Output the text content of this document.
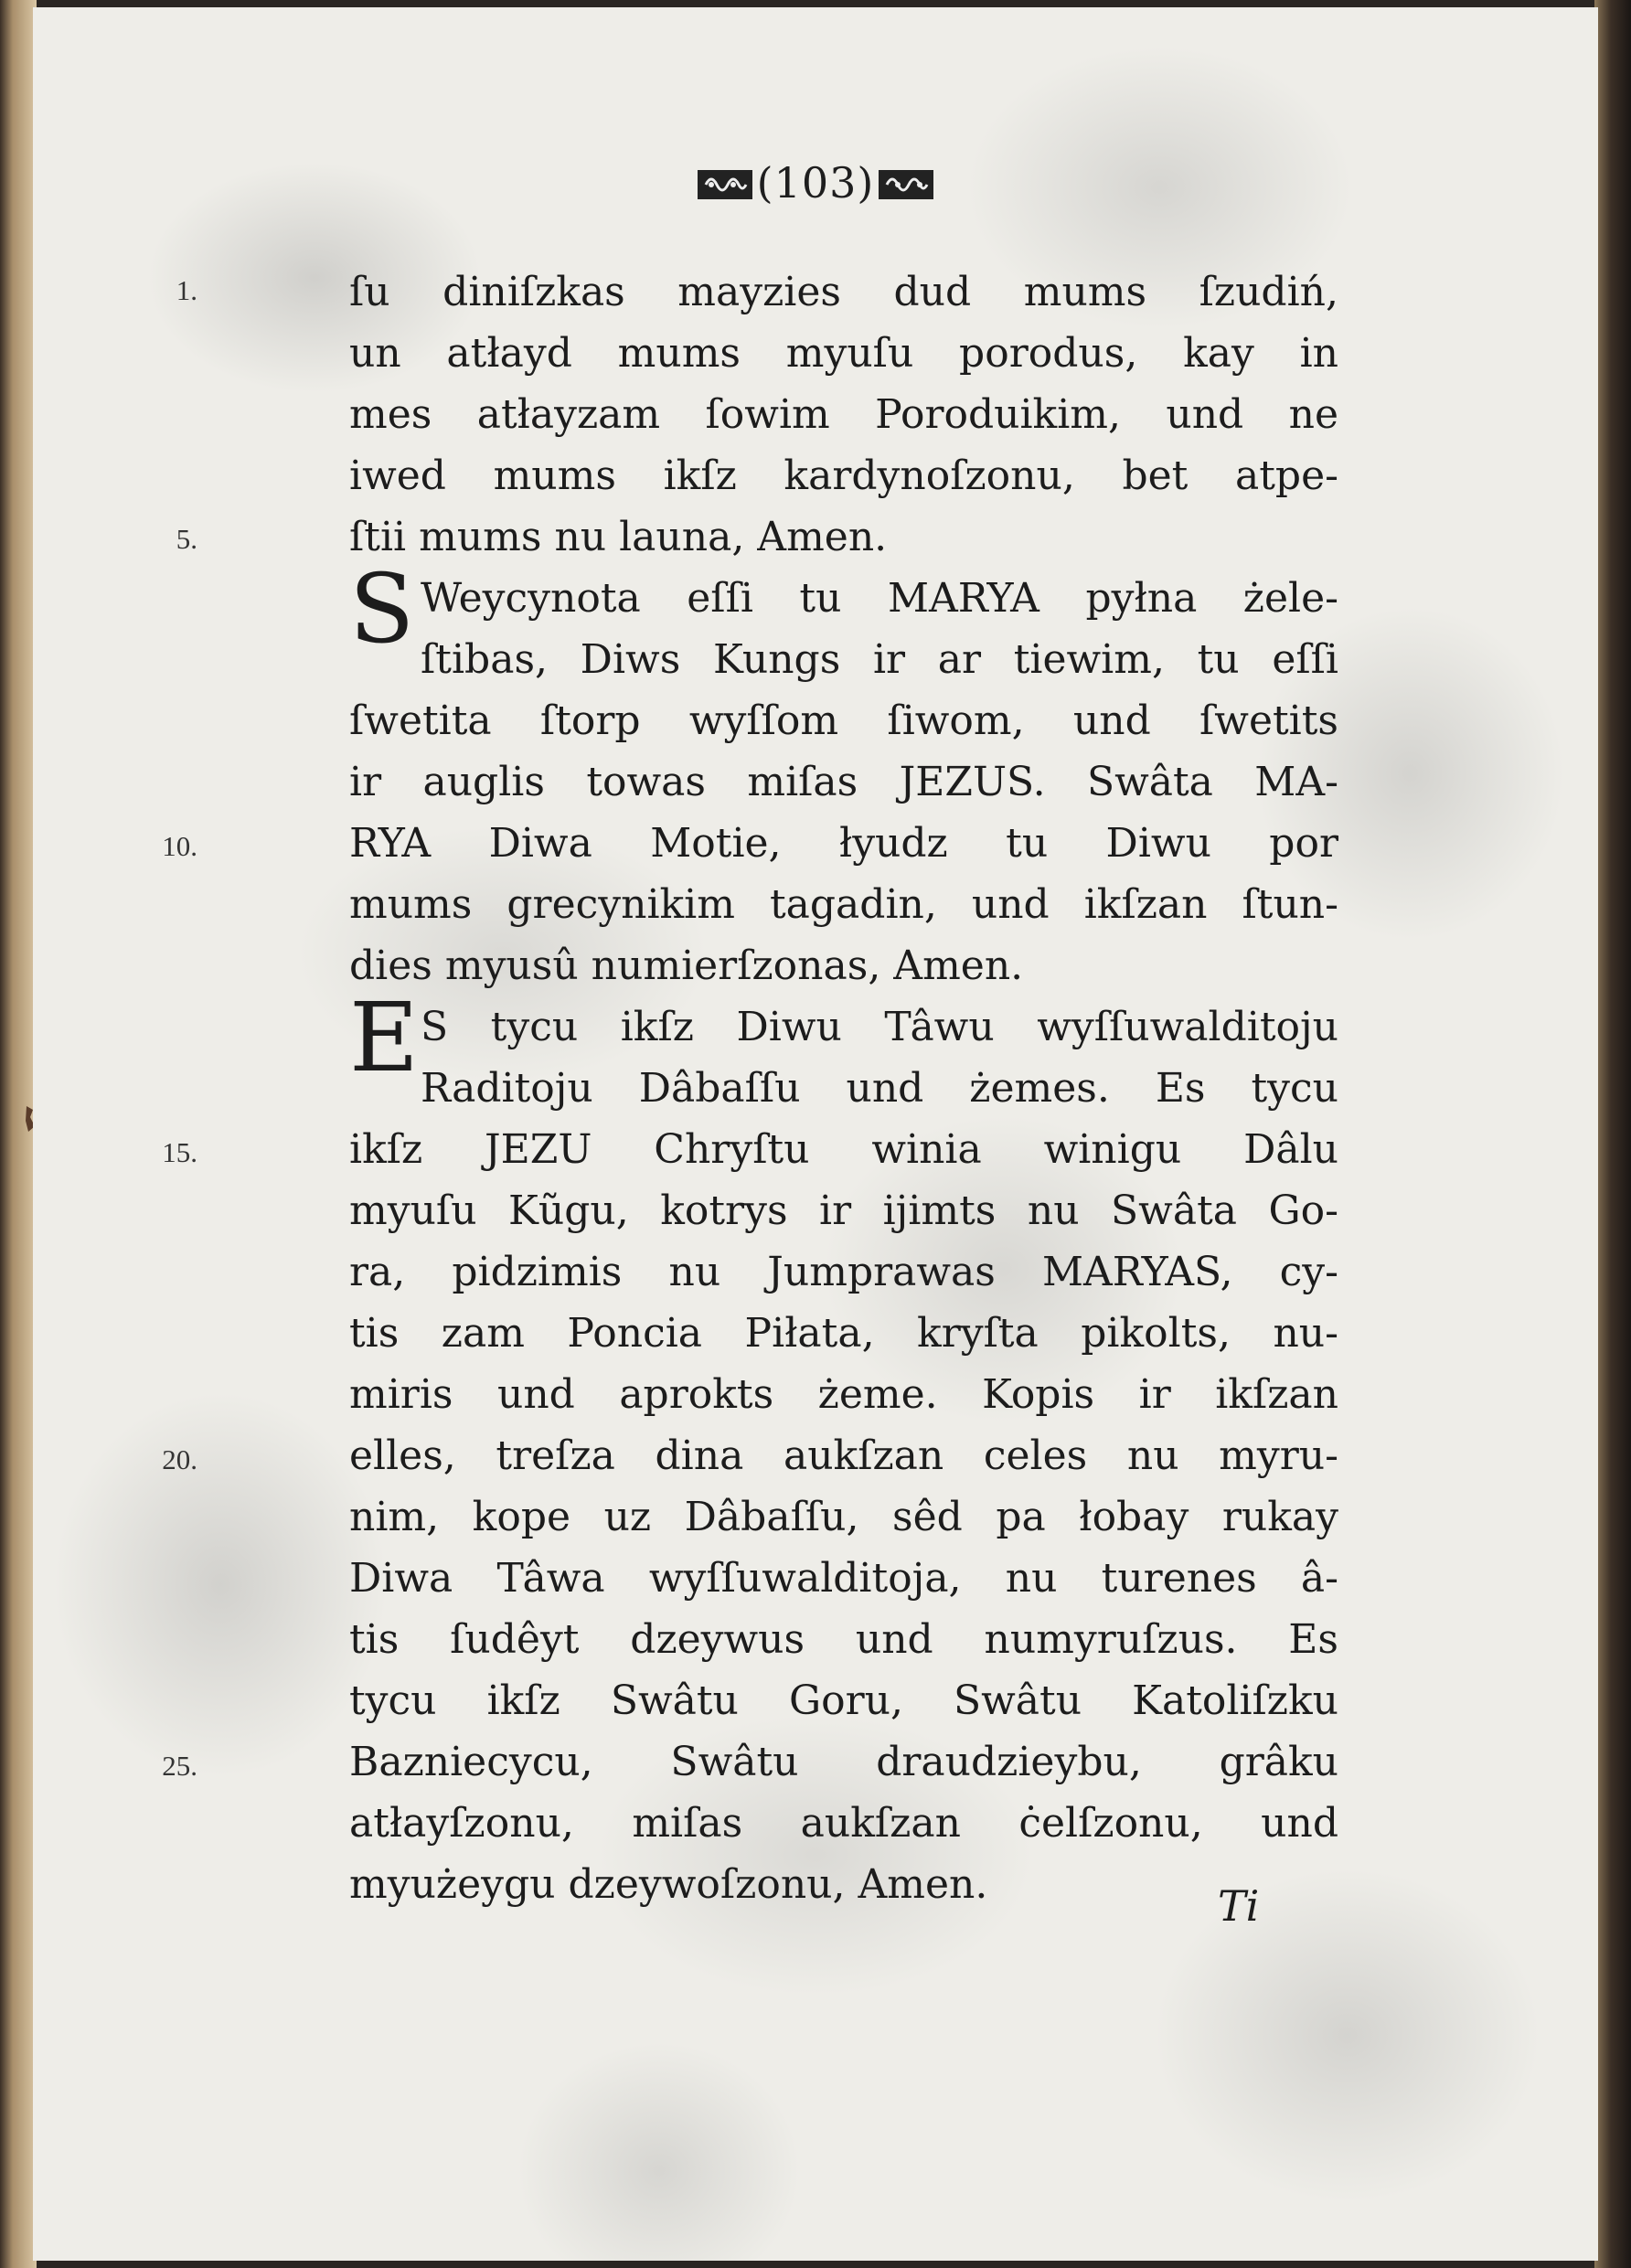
(103)
1.
5.
10.
15.
20.
25.
ſu diniſzkas mayzies dud mums ſzudiń,
un atłayd mums myuſu porodus, kay in
mes atłayzam ſowim Poroduikim, und ne
iwed mums ikſz kardynoſzonu, bet atpe-
ſtii mums nu launa, Amen.
S Weycynota eſſi tu MARYA pyłna żele-
ſtibas, Diws Kungs ir ar tiewim, tu eſſi
ſwetita ſtorp wyſſom ſiwom, und ſwetits
ir auglis towas miſas JEZUS. Swâta MA-
RYA Diwa Motie, łyudz tu Diwu por
mums grecynikim tagadin, und ikſzan ſtun-
dies myusû numierſzonas, Amen.
E S tycu ikſz Diwu Tâwu wyſſuwalditoju
Raditoju Dâbaſſu und żemes. Es tycu
ikſz JEZU Chryſtu winia winigu Dâlu
myuſu Kũgu, kotrys ir ijimts nu Swâta Go-
ra, pidzimis nu Jumprawas MARYAS, cy-
tis zam Poncia Piłata, kryſta pikolts, nu-
miris und aprokts żeme. Kopis ir ikſzan
elles, treſza dina aukſzan celes nu myru-
nim, kope uz Dâbaſſu, sêd pa łobay rukay
Diwa Tâwa wyſſuwalditoja, nu turenes â-
tis ſudêyt dzeywus und numyruſzus. Es
tycu ikſz Swâtu Goru, Swâtu Katoliſzku
Bazniecycu, Swâtu draudzieybu, grâku
atłayſzonu, miſas aukſzan ċelſzonu, und
myużeygu dzeywoſzonu, Amen.	Ti
